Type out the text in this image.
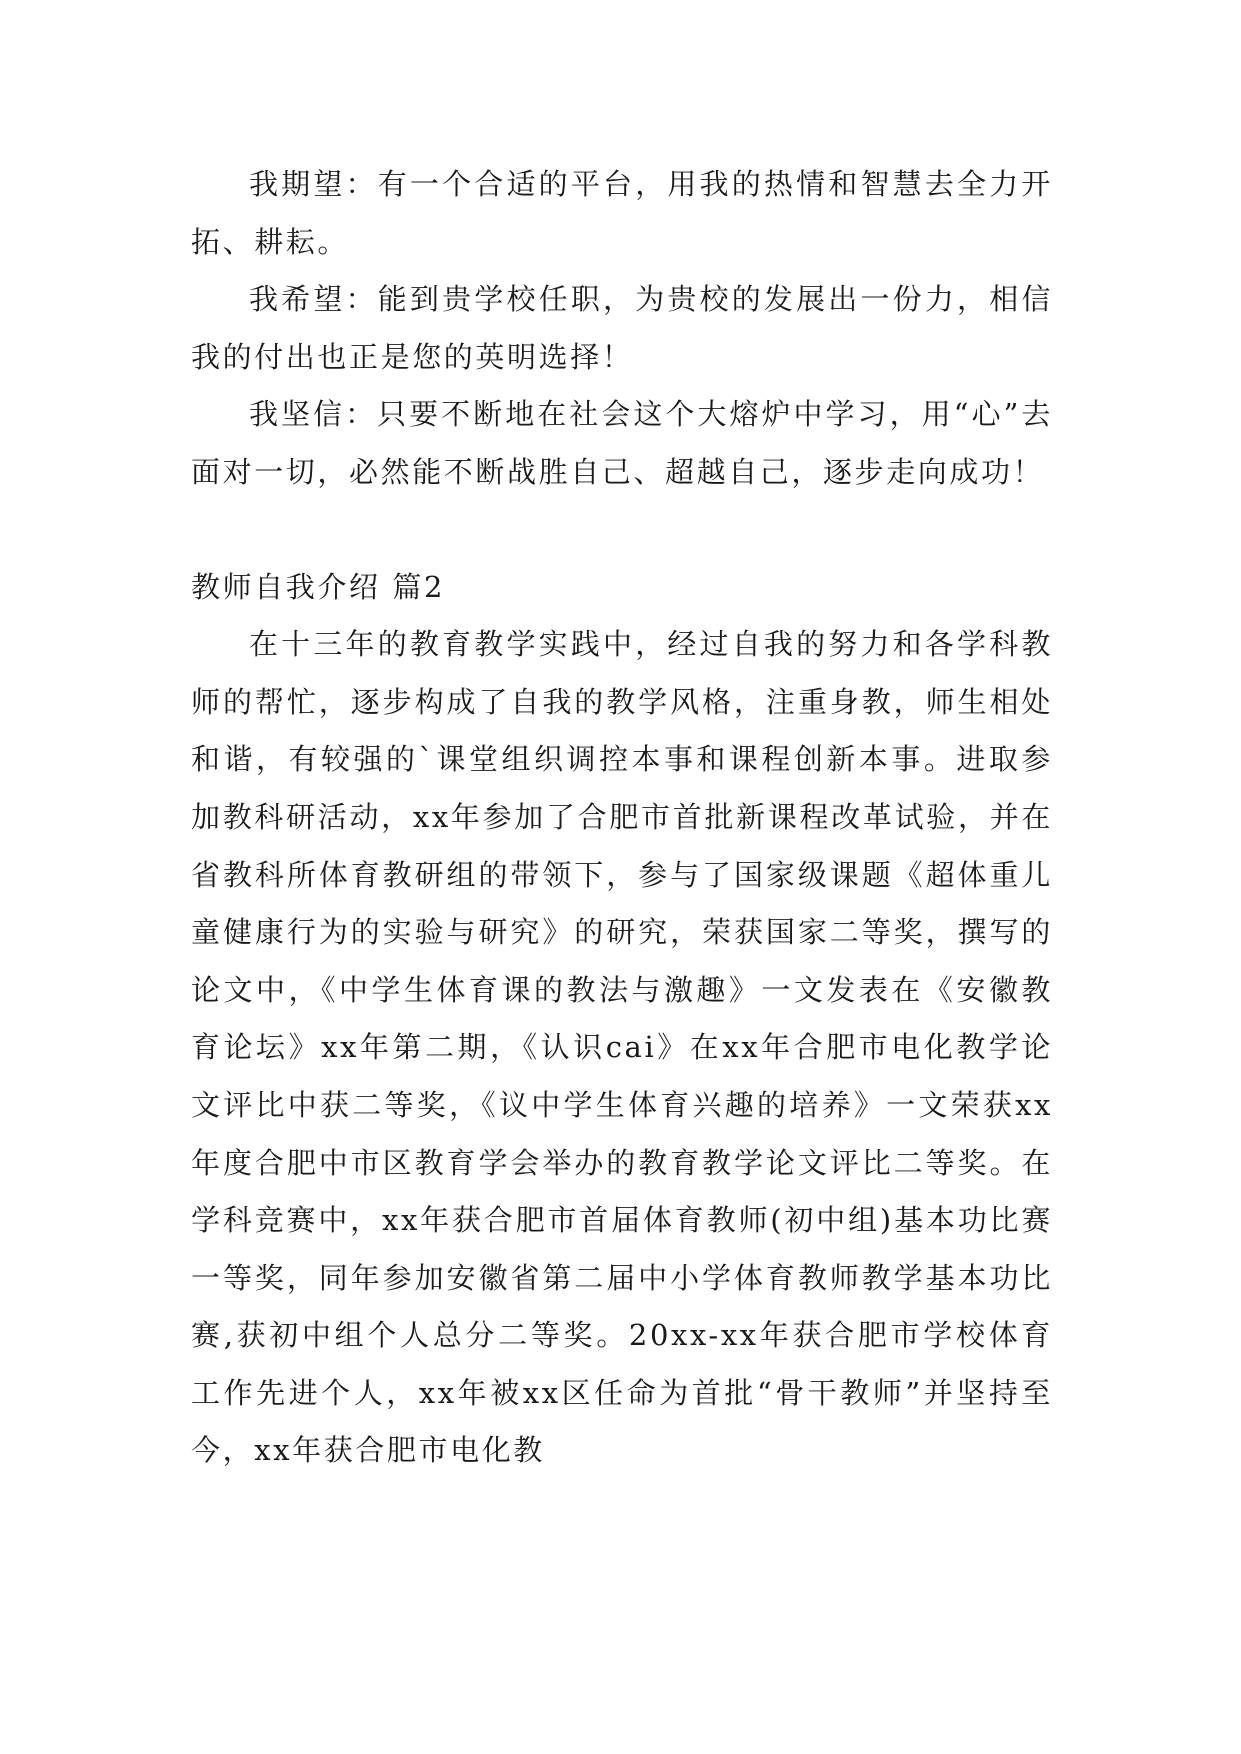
我期望：有一个合适的平台，用我的热情和智慧去全力开拓、耕耘。

我希望：能到贵学校任职，为贵校的发展出一份力，相信我的付出也正是您的英明选择！

我坚信：只要不断地在社会这个大熔炉中学习，用“心”去面对一切，必然能不断战胜自己、超越自己，逐步走向成功！

教师自我介绍 篇2

在十三年的教育教学实践中，经过自我的努力和各学科教师的帮忙，逐步构成了自我的教学风格，注重身教，师生相处和谐，有较强的`课堂组织调控本事和课程创新本事。进取参加教科研活动，xx年参加了合肥市首批新课程改革试验，并在省教科所体育教研组的带领下，参与了国家级课题《超体重儿童健康行为的实验与研究》的研究，荣获国家二等奖，撰写的论文中，《中学生体育课的教法与激趣》一文发表在《安徽教育论坛》xx年第二期，《认识cai》在xx年合肥市电化教学论文评比中获二等奖，《议中学生体育兴趣的培养》一文荣获xx年度合肥中市区教育学会举办的教育教学论文评比二等奖。在学科竞赛中，xx年获合肥市首届体育教师(初中组)基本功比赛一等奖，同年参加安徽省第二届中小学体育教师教学基本功比赛,获初中组个人总分二等奖。20xx-xx年获合肥市学校体育工作先进个人，xx年被xx区任命为首批“骨干教师”并坚持至今，xx年获合肥市电化教
